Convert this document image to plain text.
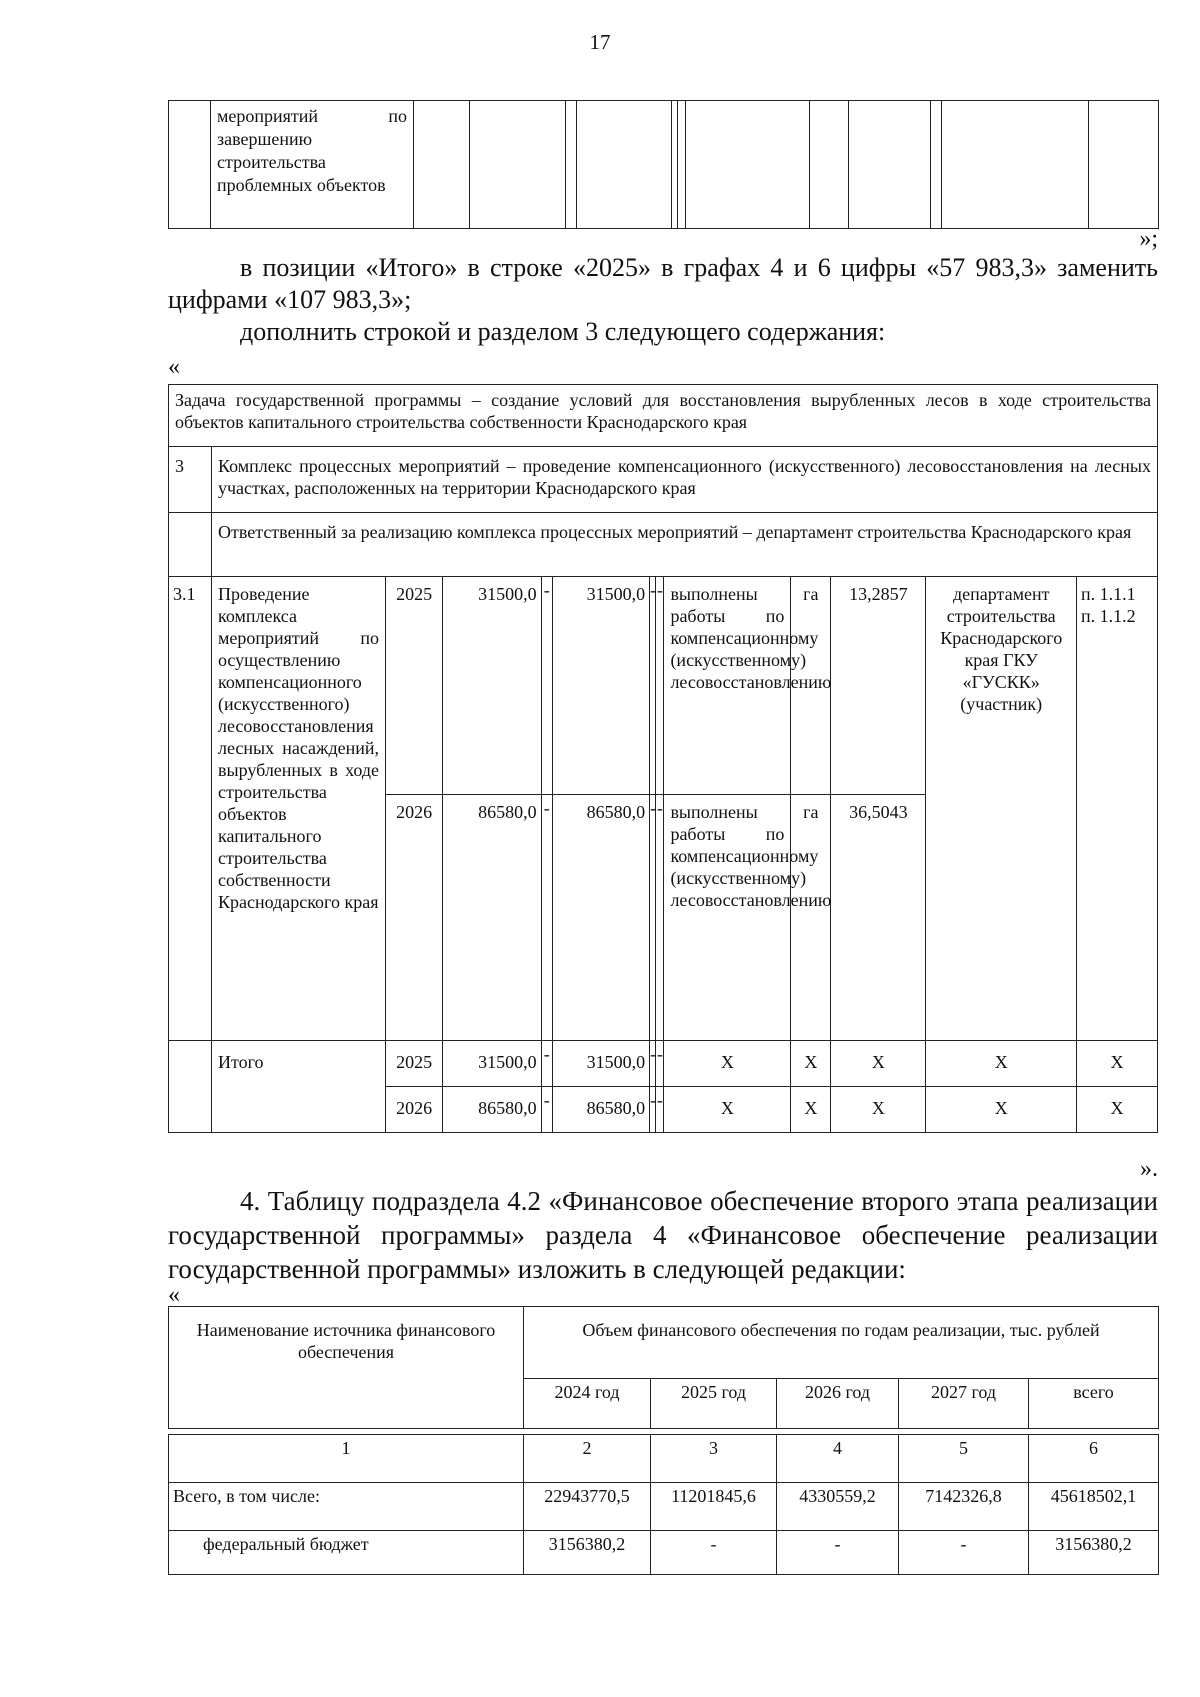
17
	мероприятий по завершению строительства проблемных объектов												
»;

в позиции «Итого» в строке «2025» в графах 4 и 6 цифры «57 983,3» заменить цифрами «107 983,3»;

дополнить строкой и разделом 3 следующего содержания:

«
Задача государственной программы – создание условий для восстановления вырубленных лесов в ходе строительства объектов капитального строительства собственности Краснодарского края												
3	Комплекс процессных мероприятий – проведение компенсационного (искусственного) лесовосстановления на лесных участках, расположенных на территории Краснодарского края											
	Ответственный за реализацию комплекса процессных мероприятий – департамент строительства Краснодарского края											
3.1	Проведение комплекса мероприятий по осуществлению компенсационного (искусственного) лесовосстановления лесных насаждений, вырубленных в ходе строительства объектов капитального строительства собственности Краснодарского края	2025	31500,0	-	31500,0	-	-	выполнены работы по компенсационному (искусственному) лесовосстановлению	га	13,2857	департамент строительства Краснодарского края ГКУ «ГУСКК» (участник)	п. 1.1.1
п. 1.1.2

		2026	86580,0	-	86580,0	-	-	выполнены работы по компенсационному (искусственному) лесовосстановлению	га	36,5043		
	Итого	2025	31500,0	-	31500,0	-	-	Х	Х	Х	Х	Х
		2026	86580,0	-	86580,0	-	-	Х	Х	Х	Х	Х
».

4. Таблицу подраздела 4.2 «Финансовое обеспечение второго этапа реализации государственной программы» раздела 4 «Финансовое обеспечение реализации государственной программы» изложить в следующей редакции:

«
Наименование источника финансового обеспечения	Объем финансового обеспечения по годам реализации, тыс. рублей				
	2024 год	2025 год	2026 год	2027 год	всего
1	2	3	4	5	6
Всего, в том числе:	22943770,5	11201845,6	4330559,2	7142326,8	45618502,1
федеральный бюджет	3156380,2	-	-	-	3156380,2
